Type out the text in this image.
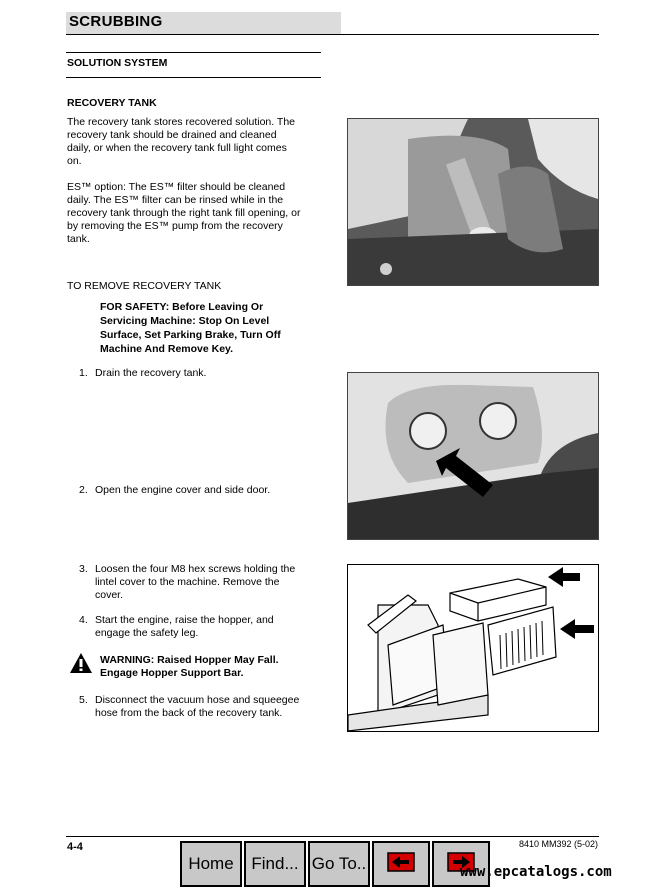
SCRUBBING
SOLUTION SYSTEM
RECOVERY TANK
The recovery tank stores recovered solution. The
recovery tank should be drained and cleaned
daily, or when the recovery tank full light comes
on.
ES™ option: The ES™ filter should be cleaned
daily. The ES™ filter can be rinsed while in the
recovery tank through the right tank fill opening, or
by removing the ES™ pump from the recovery
tank.
TO REMOVE RECOVERY TANK
FOR SAFETY: Before Leaving Or
Servicing Machine: Stop On Level
Surface, Set Parking Brake, Turn Off
Machine And Remove Key.
1. Drain the recovery tank.
2. Open the engine cover and side door.
3. Loosen the four M8 hex screws holding the
lintel cover to the machine. Remove the
cover.
4. Start the engine, raise the hopper, and
engage the safety leg.
WARNING: Raised Hopper May Fall.
Engage Hopper Support Bar.
5. Disconnect the vacuum hose and squeegee
hose from the back of the recovery tank.
4-4	8410 MM392 (5-02)
Home Find... Go To..	www.epcatalogs.com
